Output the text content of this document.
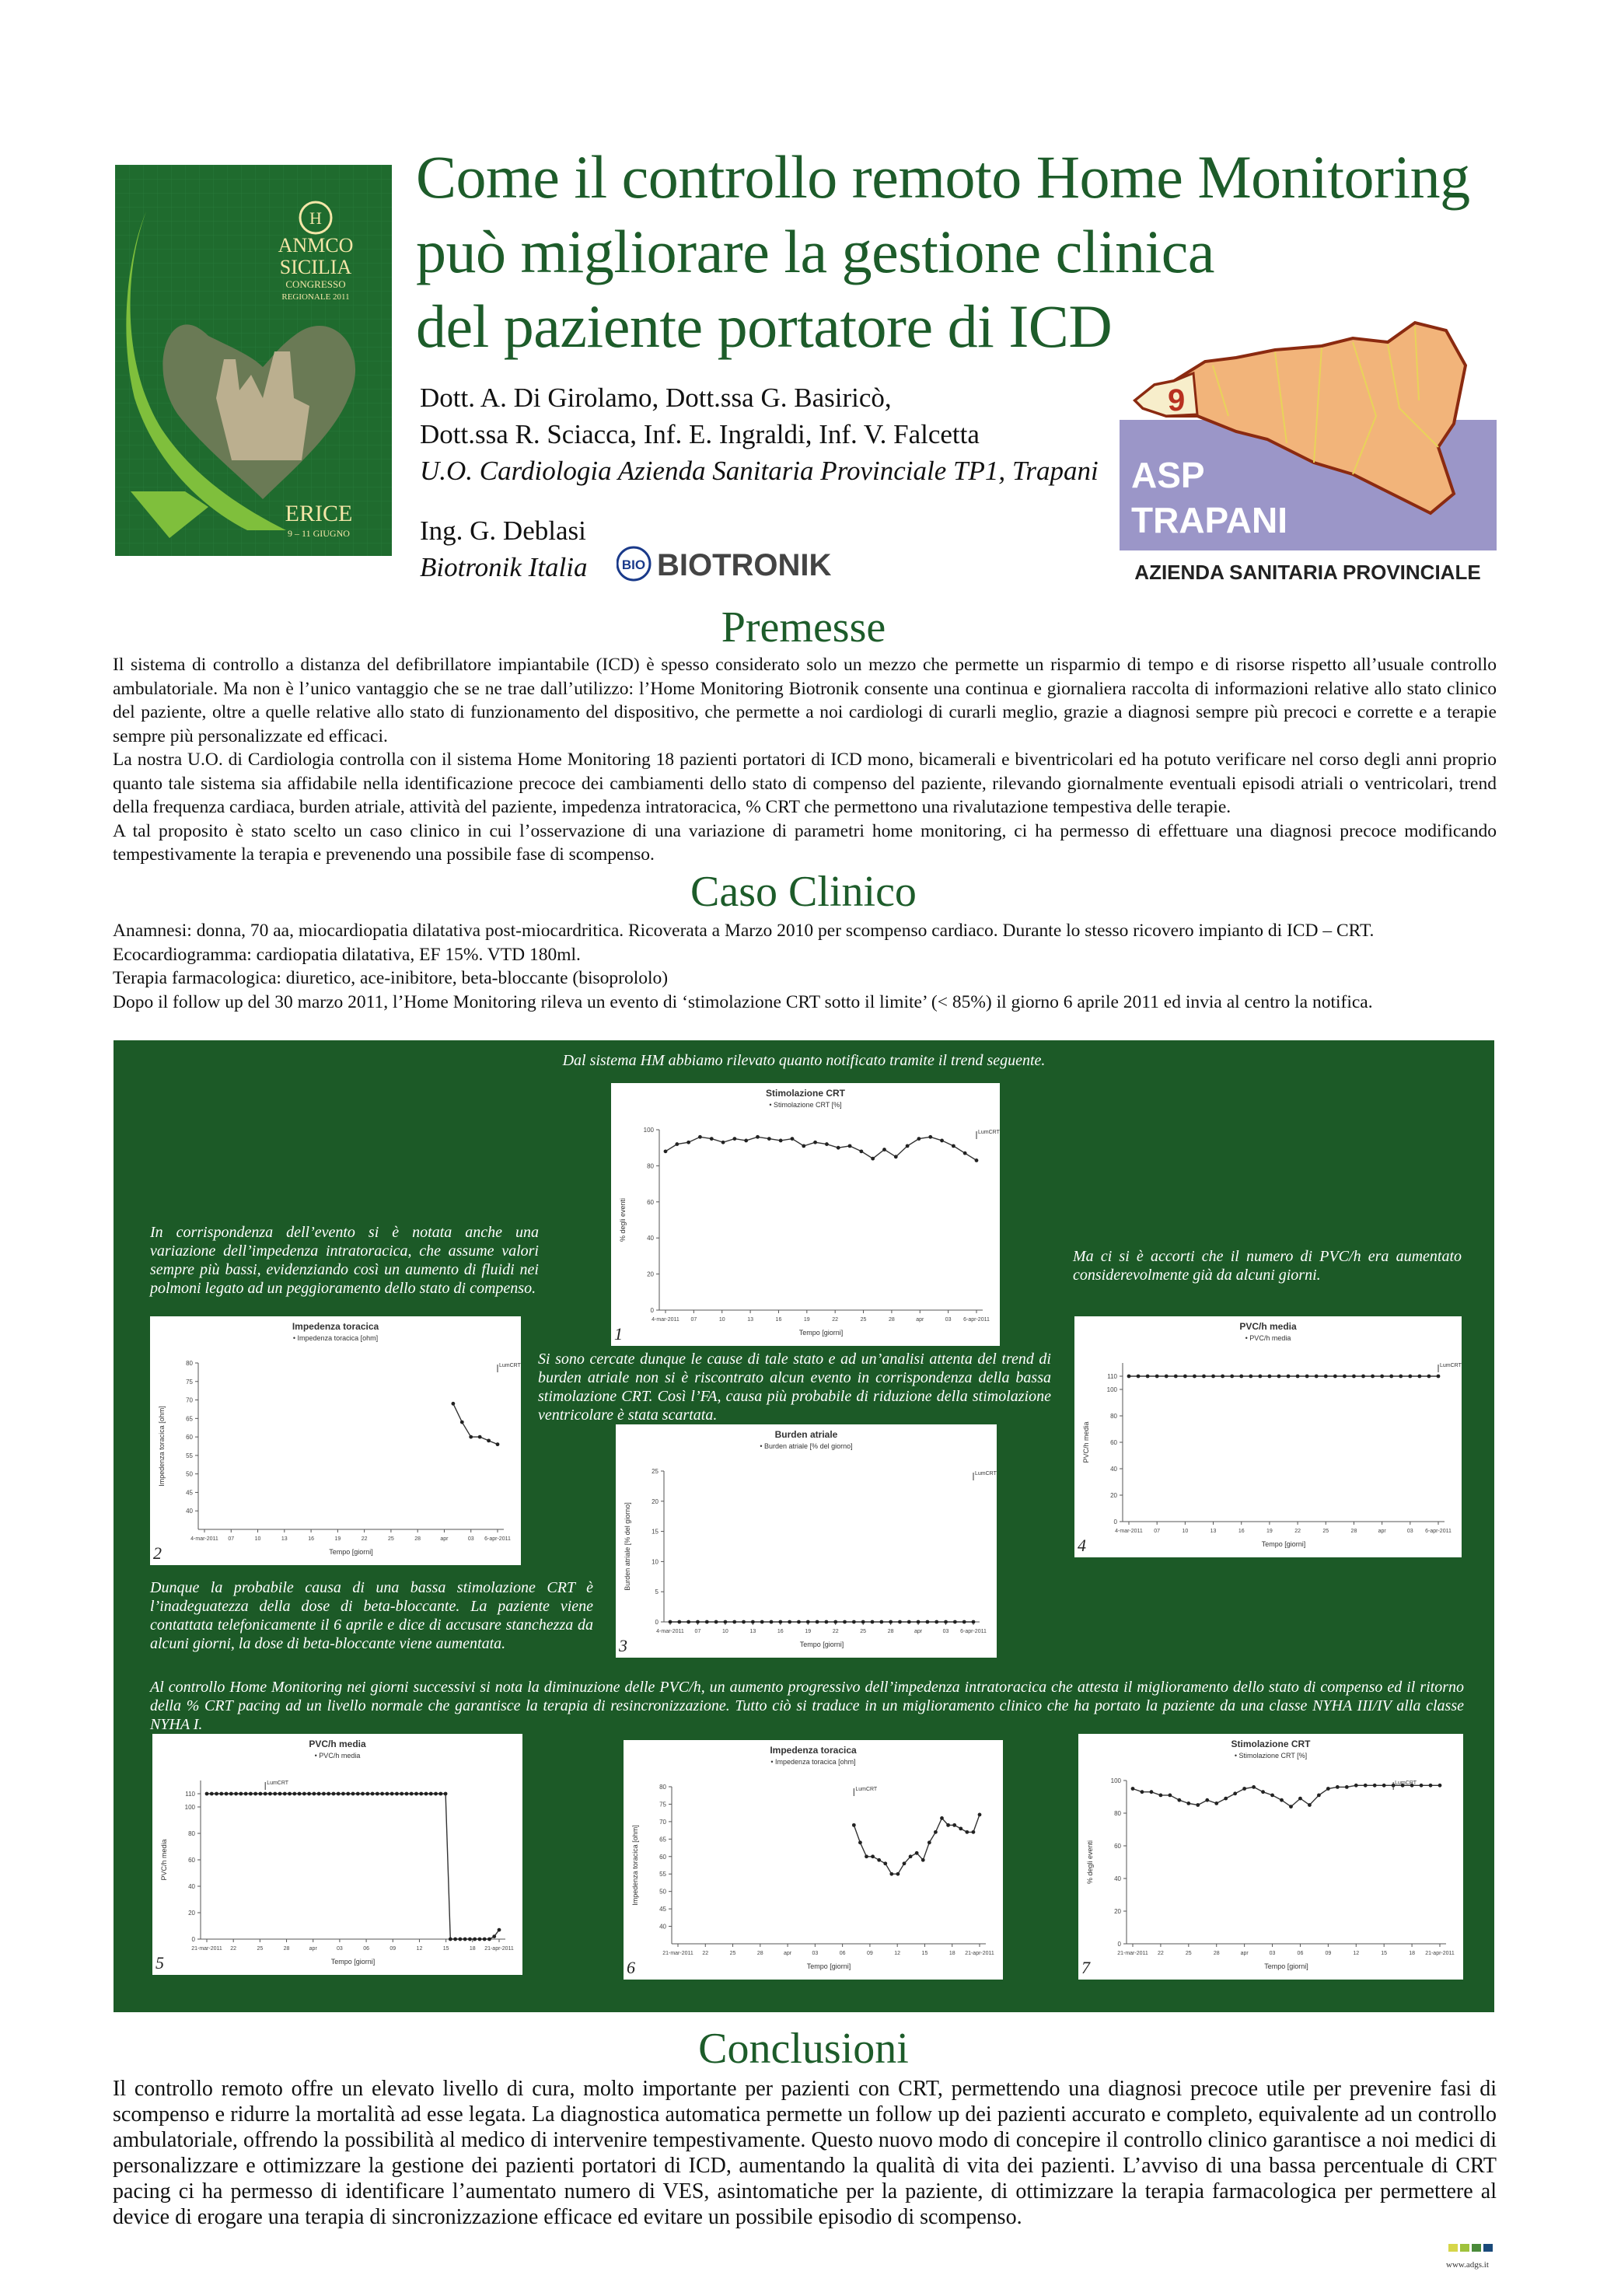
H
ANMCO
SICILIA
CONGRESSO
REGIONALE 2011
ERICE
9 – 11 GIUGNO
Come il controllo remoto Home Monitoring
può migliorare la gestione clinica
del paziente portatore di ICD
Dott. A. Di Girolamo, Dott.ssa G. Basiricò,
Dott.ssa R. Sciacca, Inf. E. Ingraldi, Inf. V. Falcetta
U.O. Cardiologia Azienda Sanitaria Provinciale TP1, Trapani
Ing. G. Deblasi
Biotronik Italia	BIO BIOTRONIK
9
ASP
TRAPANI
AZIENDA SANITARIA PROVINCIALE
Premesse

Il sistema di controllo a distanza del defibrillatore impiantabile (ICD) è spesso considerato solo un mezzo che permette un risparmio di tempo e di risorse rispetto all’usuale controllo ambulatoriale. Ma non è l’unico vantaggio che se ne trae dall’utilizzo: l’Home Monitoring Biotronik consente una continua e giornaliera raccolta di informazioni relative allo stato clinico del paziente, oltre a quelle relative allo stato di funzionamento del dispositivo, che permette a noi cardiologi di curarli meglio, grazie a diagnosi sempre più precoci e corrette e a terapie sempre più personalizzate ed efficaci.

La nostra U.O. di Cardiologia controlla con il sistema Home Monitoring 18 pazienti portatori di ICD mono, bicamerali e biventricolari ed ha potuto verificare nel corso degli anni proprio quanto tale sistema sia affidabile nella identificazione precoce dei cambiamenti dello stato di compenso del paziente, rilevando giornalmente eventuali episodi atriali o ventricolari, trend della frequenza cardiaca, burden atriale, attività del paziente, impedenza intratoracica, % CRT che permettono una rivalutazione tempestiva delle terapie.

A tal proposito è stato scelto un caso clinico in cui l’osservazione di una variazione di parametri home monitoring, ci ha permesso di effettuare una diagnosi precoce modificando tempestivamente la terapia e prevenendo una possibile fase di scompenso.

Caso Clinico

Anamnesi: donna, 70 aa, miocardiopatia dilatativa post-miocardritica. Ricoverata a Marzo 2010 per scompenso cardiaco. Durante lo stesso ricovero impianto di ICD – CRT.

Ecocardiogramma: cardiopatia dilatativa, EF 15%. VTD 180ml.

Terapia farmacologica: diuretico, ace-inibitore, beta-bloccante (bisoprololo)

Dopo il follow up del 30 marzo 2011, l’Home Monitoring rileva un evento di ‘stimolazione CRT sotto il limite’ (< 85%) il giorno 6 aprile 2011 ed invia al centro la notifica.

Dal sistema HM abbiamo rilevato quanto notificato tramite il trend seguente.
In corrispondenza dell’evento si è notata anche una variazione dell’impedenza intratoracica, che assume valori sempre più bassi, evidenziando così un aumento di fluidi nei polmoni legato ad un peggioramento dello stato di compenso.
Ma ci si è accorti che il numero di PVC/h era aumentato considerevolmente già da alcuni giorni.
Si sono cercate dunque le cause di tale stato e ad un’analisi attenta del trend di burden atriale non si è riscontrato alcun evento in corrispondenza della bassa stimolazione CRT. Così l’FA, causa più probabile di riduzione della stimolazione ventricolare è stata scartata.
Dunque la probabile causa di una bassa stimolazione CRT è l’inadeguatezza della dose di beta-bloccante. La paziente viene contattata telefonicamente il 6 aprile e dice di accusare stanchezza da alcuni giorni, la dose di beta-bloccante viene aumentata.
Al controllo Home Monitoring nei giorni successivi si nota la diminuzione delle PVC/h, un aumento progressivo dell’impedenza intratoracica che attesta il miglioramento dello stato di compenso ed il ritorno della % CRT pacing ad un livello normale che garantisce la terapia di resincronizzazione. Tutto ciò si traduce in un miglioramento clinico che ha portato la paziente da una classe NYHA III/IV alla classe NYHA I.
Stimolazione CRT
• Stimolazione CRT [%]
0
20
40
60
80
100
4-mar-2011 07	10	13	16	19	22	25	28	apr	03 6-apr-2011
Tempo [giorni]
% degli eventi
LumCRT
1
Impedenza toracica
• Impedenza toracica [ohm]
40
45
50
55
60
65
70
75
80
4-mar-2011 07	10	13	16	19	22	25	28	apr	03 6-apr-2011
Tempo [giorni]
Impedenza toracica [ohm]
LumCRT
2
Burden atriale
• Burden atriale [% del giorno]
0
5
10
15
20
25
4-mar-2011 07	10	13	16	19	22	25	28	apr	03 6-apr-2011
Tempo [giorni]
Burden atriale [% del giorno]
LumCRT
3
PVC/h media
• PVC/h media
0
20
40
60
80
100
110
4-mar-2011 07	10	13	16	19	22	25	28	apr	03 6-apr-2011
Tempo [giorni]
PVC/h media
LumCRT
4
PVC/h media
• PVC/h media
0
20
40
60
80
100
110
21-mar-2011 22	25	28	apr	03	06	09	12	15	18 21-apr-2011
Tempo [giorni]
PVC/h media
LumCRT
5
Impedenza toracica
• Impedenza toracica [ohm]
40
45
50
55
60
65
70
75
80
21-mar-2011 22	25	28	apr	03	06	09	12	15	18 21-apr-2011
Tempo [giorni]
Impedenza toracica [ohm]
LumCRT
6
Stimolazione CRT
• Stimolazione CRT [%]
0
20
40
60
80
100
21-mar-2011 22	25	28	apr	03	06	09	12	15	18 21-apr-2011
Tempo [giorni]
% degli eventi
LumCRT
7
Conclusioni
Il controllo remoto offre un elevato livello di cura, molto importante per pazienti con CRT, permettendo una diagnosi precoce utile per prevenire fasi di scompenso e ridurre la mortalità ad esse legata. La diagnostica automatica permette un follow up dei pazienti accurato e completo, equivalente ad un controllo ambulatoriale, offrendo la possibilità al medico di intervenire tempestivamente. Questo nuovo modo di concepire il controllo clinico garantisce a noi medici di personalizzare e ottimizzare la gestione dei pazienti portatori di ICD, aumentando la qualità di vita dei pazienti. L’avviso di una bassa percentuale di CRT pacing ci ha permesso di identificare l’aumentato numero di VES, asintomatiche per la paziente, di ottimizzare la terapia farmacologica per permettere al device di erogare una terapia di sincronizzazione efficace ed evitare un possibile episodio di scompenso.
www.adgs.it
